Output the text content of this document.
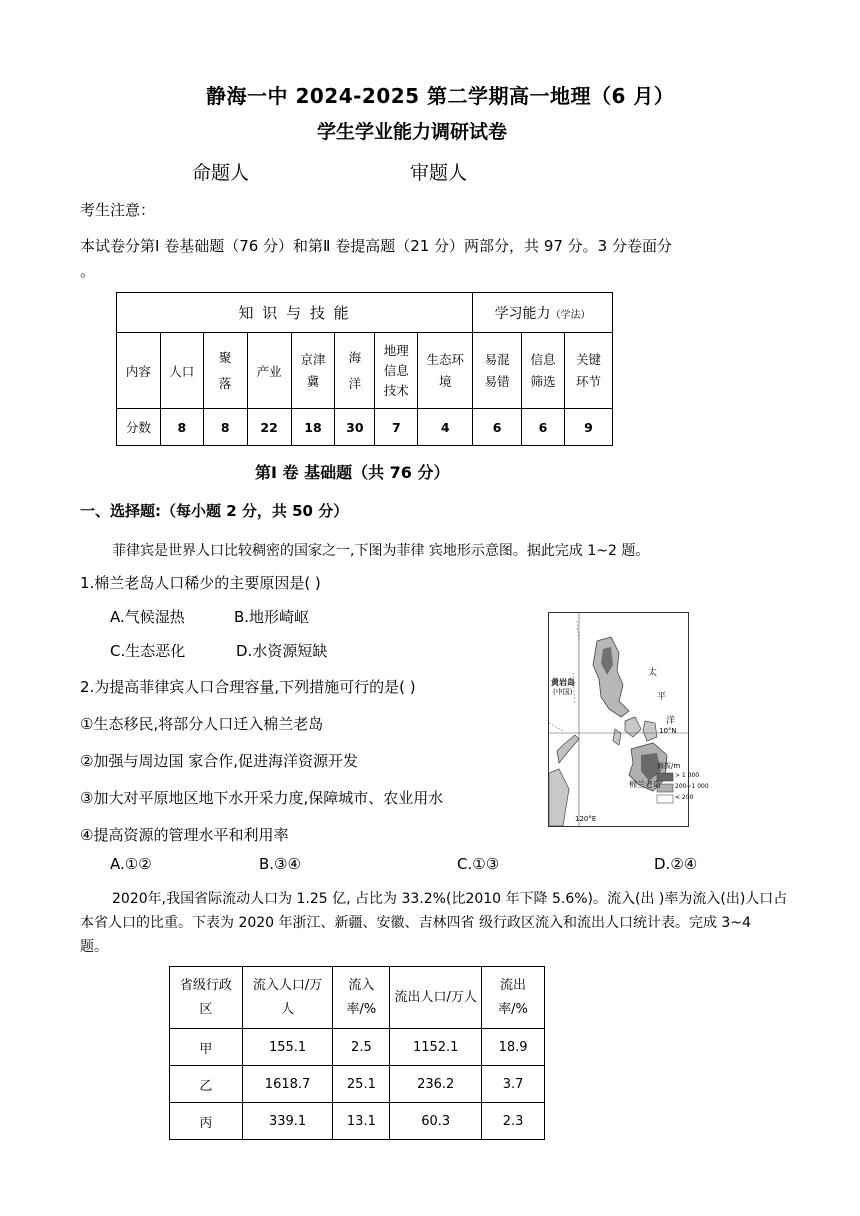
静海一中 2024-2025 第二学期高一地理（6 月）
学生学业能力调研试卷
命题人	审题人
考生注意：
本试卷分第Ⅰ 卷基础题（76 分）和第Ⅱ 卷提高题（21 分）两部分，共 97 分。3 分卷面分
。
知 识 与 技 能								学习能力（学法）		
内容	人口	聚落	产业	京津冀	海洋	地理信息技术	生态环境	易混易错	信息筛选	关键环节
分数	8	8	22	18	30	7	4	6	6	9
第Ⅰ 卷 基础题（共 76 分）
一、选择题:（每小题 2 分，共 50 分）
菲律宾是世界人口比较稠密的国家之一,下图为菲律 宾地形示意图。据此完成 1~2 题。
1.棉兰老岛人口稀少的主要原因是( )
A.气候湿热	B.地形崎岖
C.生态恶化	D.水资源短缺
2.为提高菲律宾人口合理容量,下列措施可行的是( )
①生态移民,将部分人口迁入棉兰老岛
②加强与周边国 家合作,促进海洋资源开发
③加大对平原地区地下水开采力度,保障城市、农业用水
④提高资源的管理水平和利用率
A.①②	B.③④	C.①③	D.②④
黄岩岛
(中国)
太
平
洋
10°N
棉兰老岛
120°E
海拔/m
> 1 000
200~1 000
< 200
2020年,我国省际流动人口为 1.25 亿, 占比为 33.2%(比2010 年下降 5.6%)。流入(出 )率为流入(出)人口占
本省人口的比重。下表为 2020 年浙江、新疆、安徽、吉林四省 级行政区流入和流出人口统计表。完成 3~4
题。
省级行政区	流入人口/万人	流入率/%	流出人口/万人	流出率/%
甲	155.1	2.5	1152.1	18.9
乙	1618.7	25.1	236.2	3.7
丙	339.1	13.1	60.3	2.3
